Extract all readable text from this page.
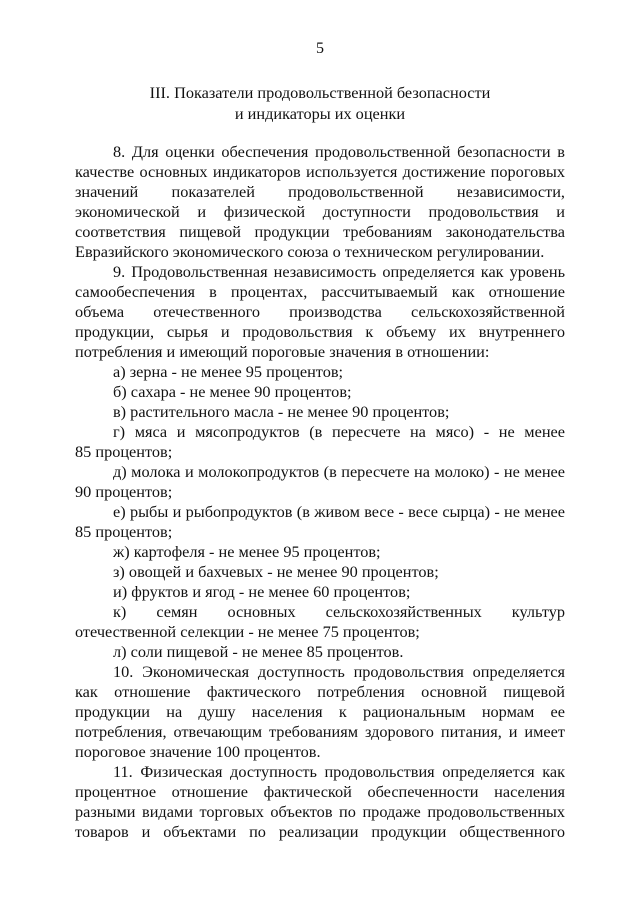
5
III. Показатели продовольственной безопасности
и индикаторы их оценки
8. Для оценки обеспечения продовольственной безопасности в
качестве основных индикаторов используется достижение пороговых
значений показателей продовольственной независимости,
экономической и физической доступности продовольствия и
соответствия пищевой продукции требованиям законодательства
Евразийского экономического союза о техническом регулировании.
9. Продовольственная независимость определяется как уровень
самообеспечения в процентах, рассчитываемый как отношение
объема отечественного производства сельскохозяйственной
продукции, сырья и продовольствия к объему их внутреннего
потребления и имеющий пороговые значения в отношении:
а) зерна - не менее 95 процентов;
б) сахара - не менее 90 процентов;
в) растительного масла - не менее 90 процентов;
г) мяса и мясопродуктов (в пересчете на мясо) - не менее
85 процентов;
д) молока и молокопродуктов (в пересчете на молоко) - не менее
90 процентов;
е) рыбы и рыбопродуктов (в живом весе - весе сырца) - не менее
85 процентов;
ж) картофеля - не менее 95 процентов;
з) овощей и бахчевых - не менее 90 процентов;
и) фруктов и ягод - не менее 60 процентов;
к) семян основных сельскохозяйственных культур
отечественной селекции - не менее 75 процентов;
л) соли пищевой - не менее 85 процентов.
10. Экономическая доступность продовольствия определяется
как отношение фактического потребления основной пищевой
продукции на душу населения к рациональным нормам ее
потребления, отвечающим требованиям здорового питания, и имеет
пороговое значение 100 процентов.
11. Физическая доступность продовольствия определяется как
процентное отношение фактической обеспеченности населения
разными видами торговых объектов по продаже продовольственных
товаров и объектами по реализации продукции общественного
